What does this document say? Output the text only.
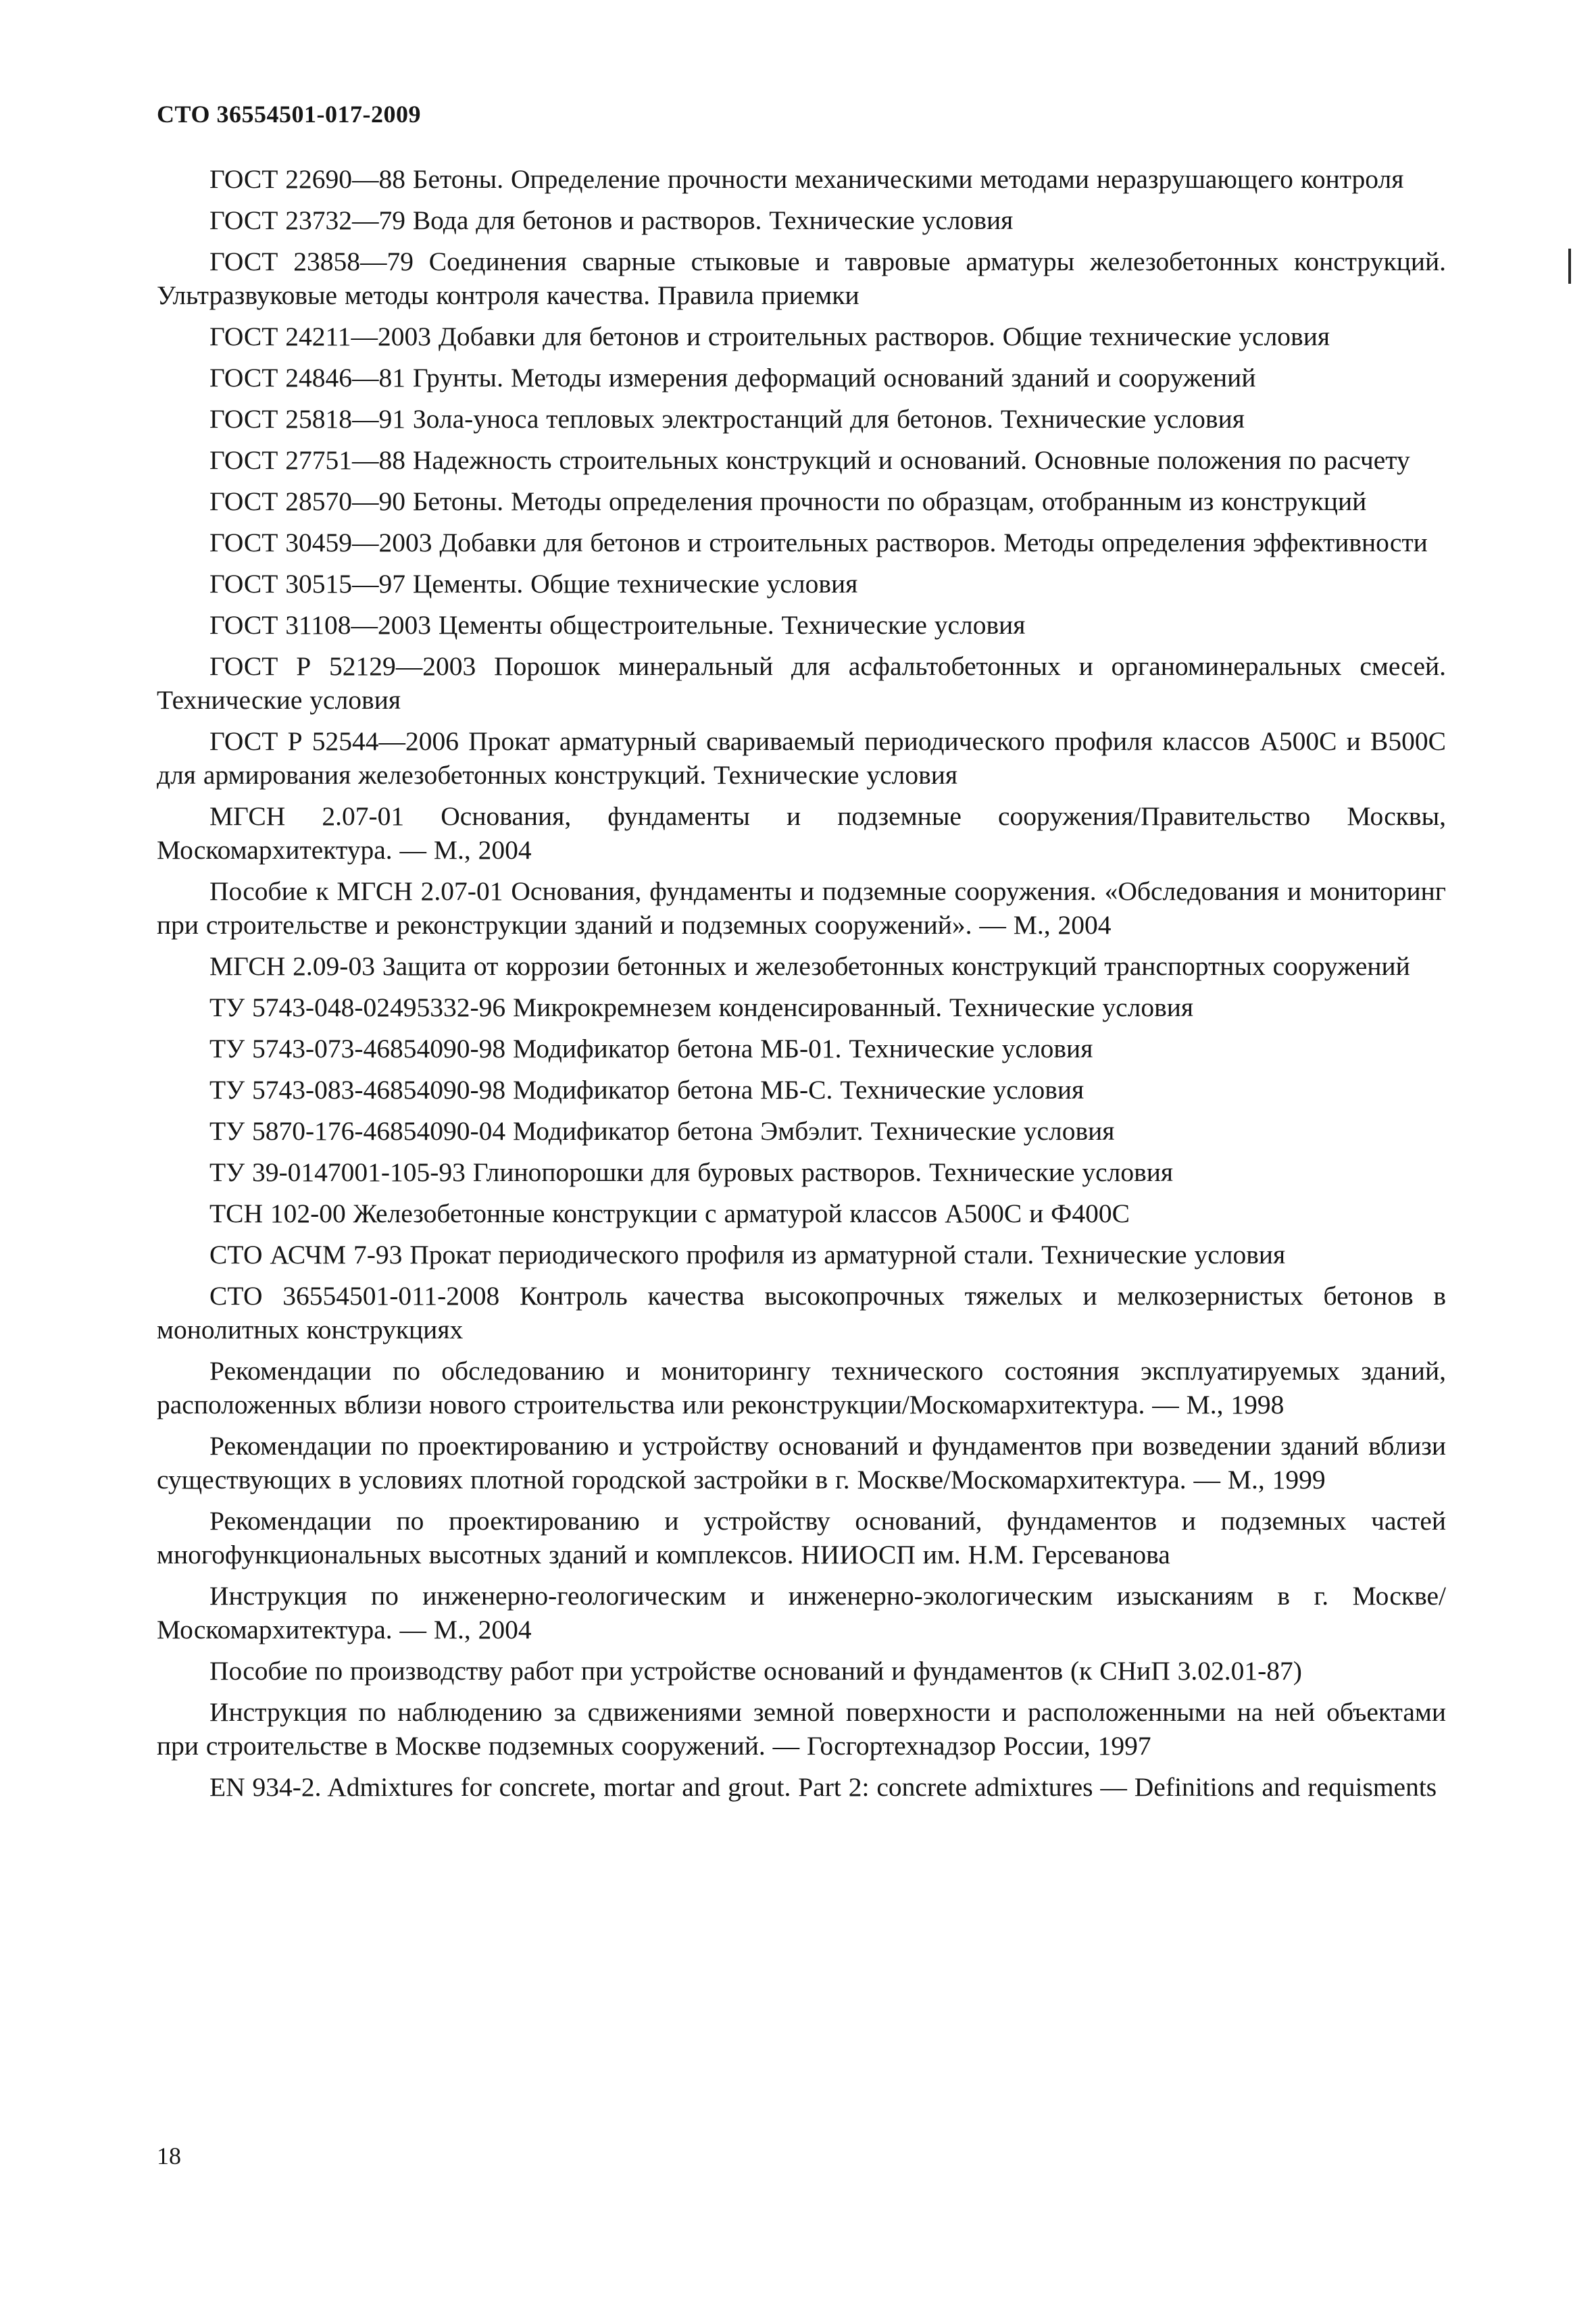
СТО 36554501-017-2009

ГОСТ 22690—88 Бетоны. Определение прочности механическими методами неразрушающего контроля

ГОСТ 23732—79 Вода для бетонов и растворов. Технические условия

ГОСТ 23858—79 Соединения сварные стыковые и тавровые арматуры железобетонных конструкций. Ультразвуковые методы контроля качества. Правила приемки

ГОСТ 24211—2003 Добавки для бетонов и строительных растворов. Общие технические условия

ГОСТ 24846—81 Грунты. Методы измерения деформаций оснований зданий и сооружений

ГОСТ 25818—91 Зола-уноса тепловых электростанций для бетонов. Технические условия

ГОСТ 27751—88 Надежность строительных конструкций и оснований. Основные положения по расчету

ГОСТ 28570—90 Бетоны. Методы определения прочности по образцам, отобранным из конструкций

ГОСТ 30459—2003 Добавки для бетонов и строительных растворов. Методы определения эффективности

ГОСТ 30515—97 Цементы. Общие технические условия

ГОСТ 31108—2003 Цементы общестроительные. Технические условия

ГОСТ Р 52129—2003 Порошок минеральный для асфальтобетонных и органоминеральных смесей. Технические условия

ГОСТ Р 52544—2006 Прокат арматурный свариваемый периодического профиля классов А500С и В500С для армирования железобетонных конструкций. Технические условия

МГСН 2.07-01 Основания, фундаменты и подземные сооружения/Правительство Москвы, Москомархитектура. — М., 2004

Пособие к МГСН 2.07-01 Основания, фундаменты и подземные сооружения. «Обследования и мониторинг при строительстве и реконструкции зданий и подземных сооружений». — М., 2004

МГСН 2.09-03 Защита от коррозии бетонных и железобетонных конструкций транспортных сооружений

ТУ 5743-048-02495332-96 Микрокремнезем конденсированный. Технические условия

ТУ 5743-073-46854090-98 Модификатор бетона МБ-01. Технические условия

ТУ 5743-083-46854090-98 Модификатор бетона МБ-С. Технические условия

ТУ 5870-176-46854090-04 Модификатор бетона Эмбэлит. Технические условия

ТУ 39-0147001-105-93 Глинопорошки для буровых растворов. Технические условия

ТСН 102-00 Железобетонные конструкции с арматурой классов А500С и Ф400С

СТО АСЧМ 7-93 Прокат периодического профиля из арматурной стали. Технические условия

СТО 36554501-011-2008 Контроль качества высокопрочных тяжелых и мелкозернистых бетонов в монолитных конструкциях

Рекомендации по обследованию и мониторингу технического состояния эксплуатируемых зданий, расположенных вблизи нового строительства или реконструкции/Москомархитектура. — М., 1998

Рекомендации по проектированию и устройству оснований и фундаментов при возведении зданий вблизи существующих в условиях плотной городской застройки в г. Москве/Москомархитектура. — М., 1999

Рекомендации по проектированию и устройству оснований, фундаментов и подземных частей многофункциональных высотных зданий и комплексов. НИИОСП им. Н.М. Герсеванова

Инструкция по инженерно-геологическим и инженерно-экологическим изысканиям в г. Москве/Москомархитектура. — М., 2004

Пособие по производству работ при устройстве оснований и фундаментов (к СНиП 3.02.01-87)

Инструкция по наблюдению за сдвижениями земной поверхности и расположенными на ней объектами при строительстве в Москве подземных сооружений. — Госгортехнадзор России, 1997

EN 934-2. Admixtures for concrete, mortar and grout. Part 2: concrete admixtures — Definitions and requisments

18
